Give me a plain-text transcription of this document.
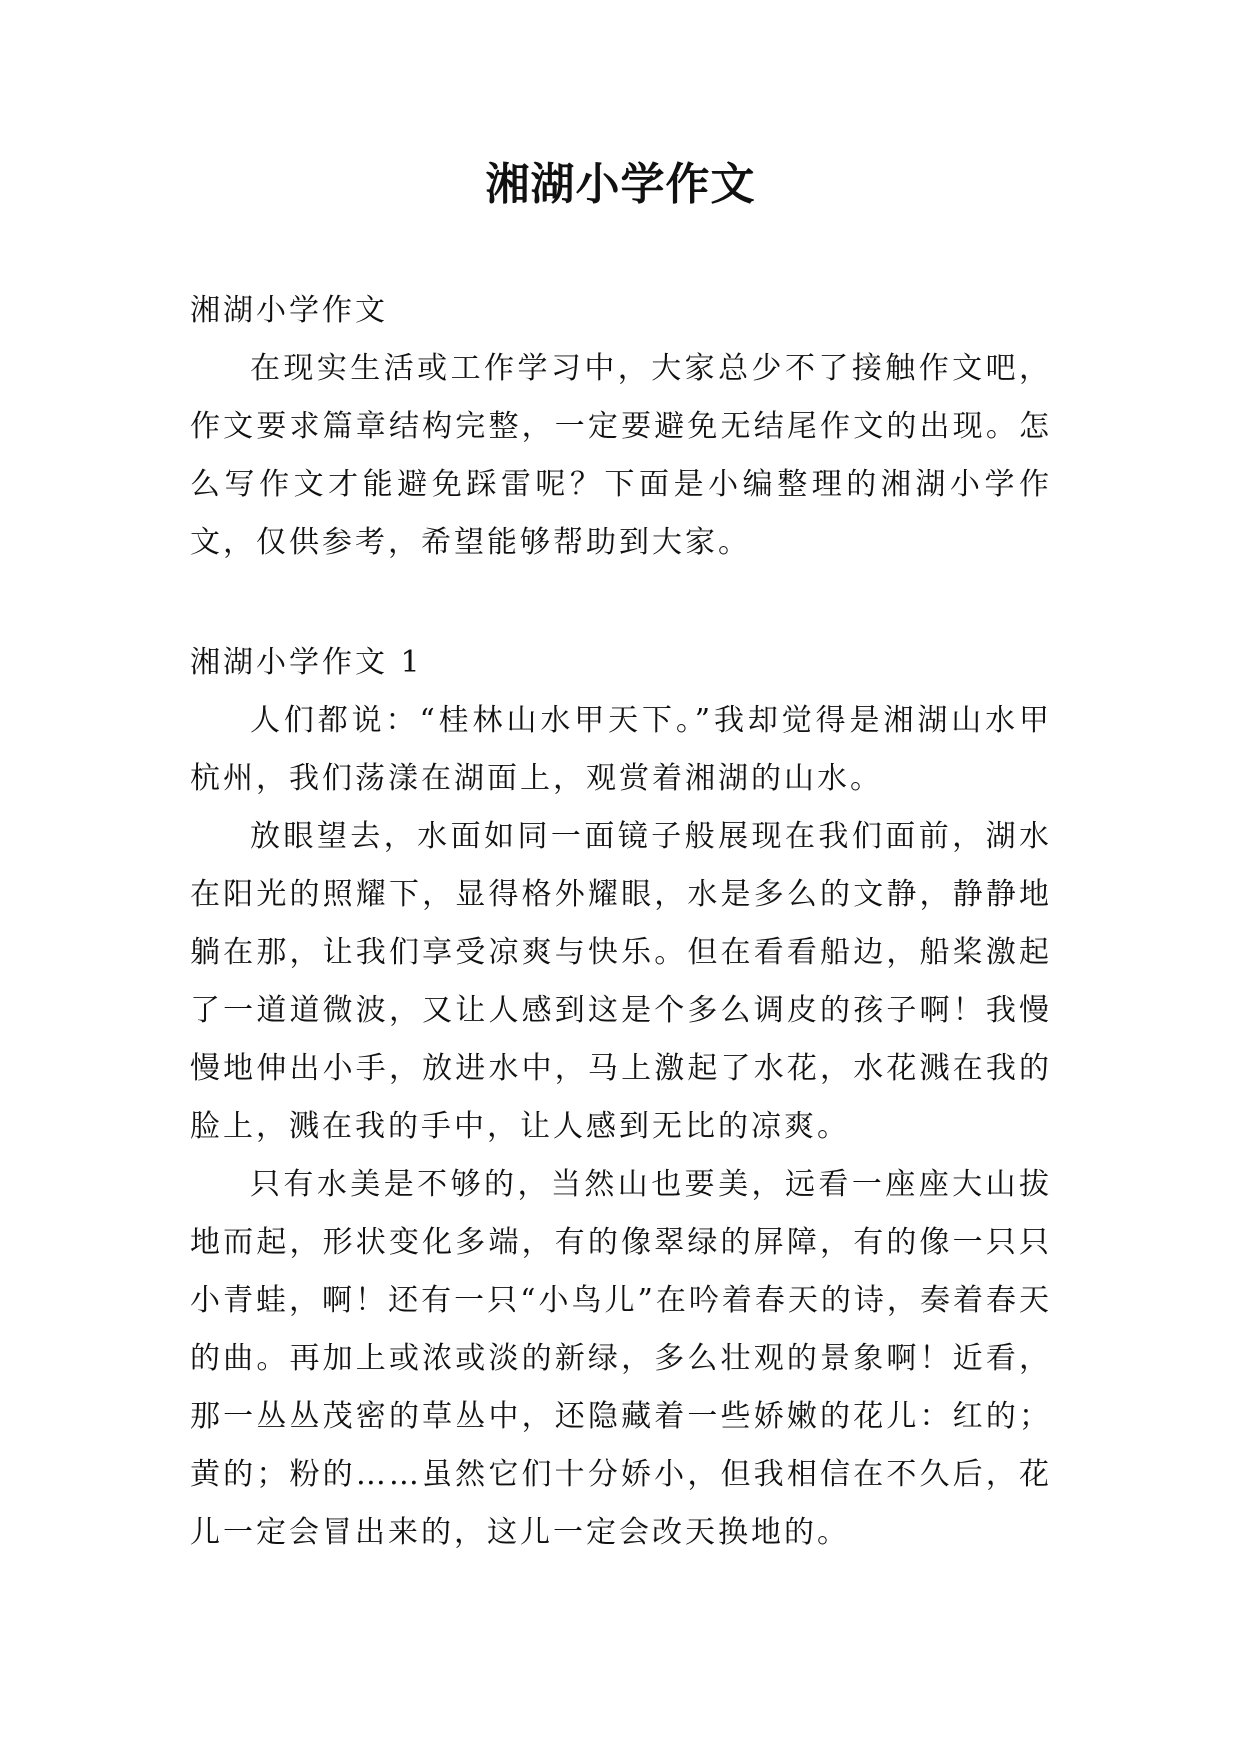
湘湖小学作文

湘湖小学作文

在现实生活或工作学习中，大家总少不了接触作文吧，作文要求篇章结构完整，一定要避免无结尾作文的出现。怎么写作文才能避免踩雷呢？下面是小编整理的湘湖小学作文，仅供参考，希望能够帮助到大家。

湘湖小学作文 1

人们都说：“桂林山水甲天下。”我却觉得是湘湖山水甲杭州，我们荡漾在湖面上，观赏着湘湖的山水。

放眼望去，水面如同一面镜子般展现在我们面前，湖水在阳光的照耀下，显得格外耀眼，水是多么的文静，静静地躺在那，让我们享受凉爽与快乐。但在看看船边，船桨激起了一道道微波，又让人感到这是个多么调皮的孩子啊！我慢慢地伸出小手，放进水中，马上激起了水花，水花溅在我的脸上，溅在我的手中，让人感到无比的凉爽。

只有水美是不够的，当然山也要美，远看一座座大山拔地而起，形状变化多端，有的像翠绿的屏障，有的像一只只小青蛙，啊！还有一只“小鸟儿”在吟着春天的诗，奏着春天的曲。再加上或浓或淡的新绿，多么壮观的景象啊！近看，那一丛丛茂密的草丛中，还隐藏着一些娇嫩的花儿：红的；黄的；粉的……虽然它们十分娇小，但我相信在不久后，花儿一定会冒出来的，这儿一定会改天换地的。
